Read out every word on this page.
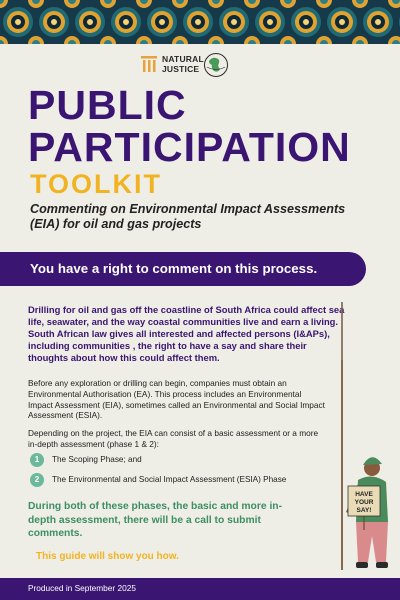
NATURAL
JUSTICE
PUBLIC
PARTICIPATION
TOOLKIT
Commenting on Environmental Impact Assessments (EIA) for oil and gas projects
You have a right to comment on this process.
Drilling for oil and gas off the coastline of South Africa could affect sea life, seawater, and the way coastal communities live and earn a living. South African law gives all interested and affected persons (I&APs), including communities , the right to have a say and share their thoughts about how this could affect them.
Before any exploration or drilling can begin, companies must obtain an Environmental Authorisation (EA). This process includes an Environmental Impact Assessment (EIA), sometimes called an Environmental and Social Impact Assessment (ESIA).
Depending on the project, the EIA can consist of a basic assessment or a more in-depth assessment (phase 1 & 2):
1	The Scoping Phase; and
2	The Environmental and Social Impact Assessment (ESIA) Phase
During both of these phases, the basic and more in-depth assessment, there will be a call to submit comments.
This guide will show you how.
HAVE
YOUR
SAY!
Produced in September 2025
